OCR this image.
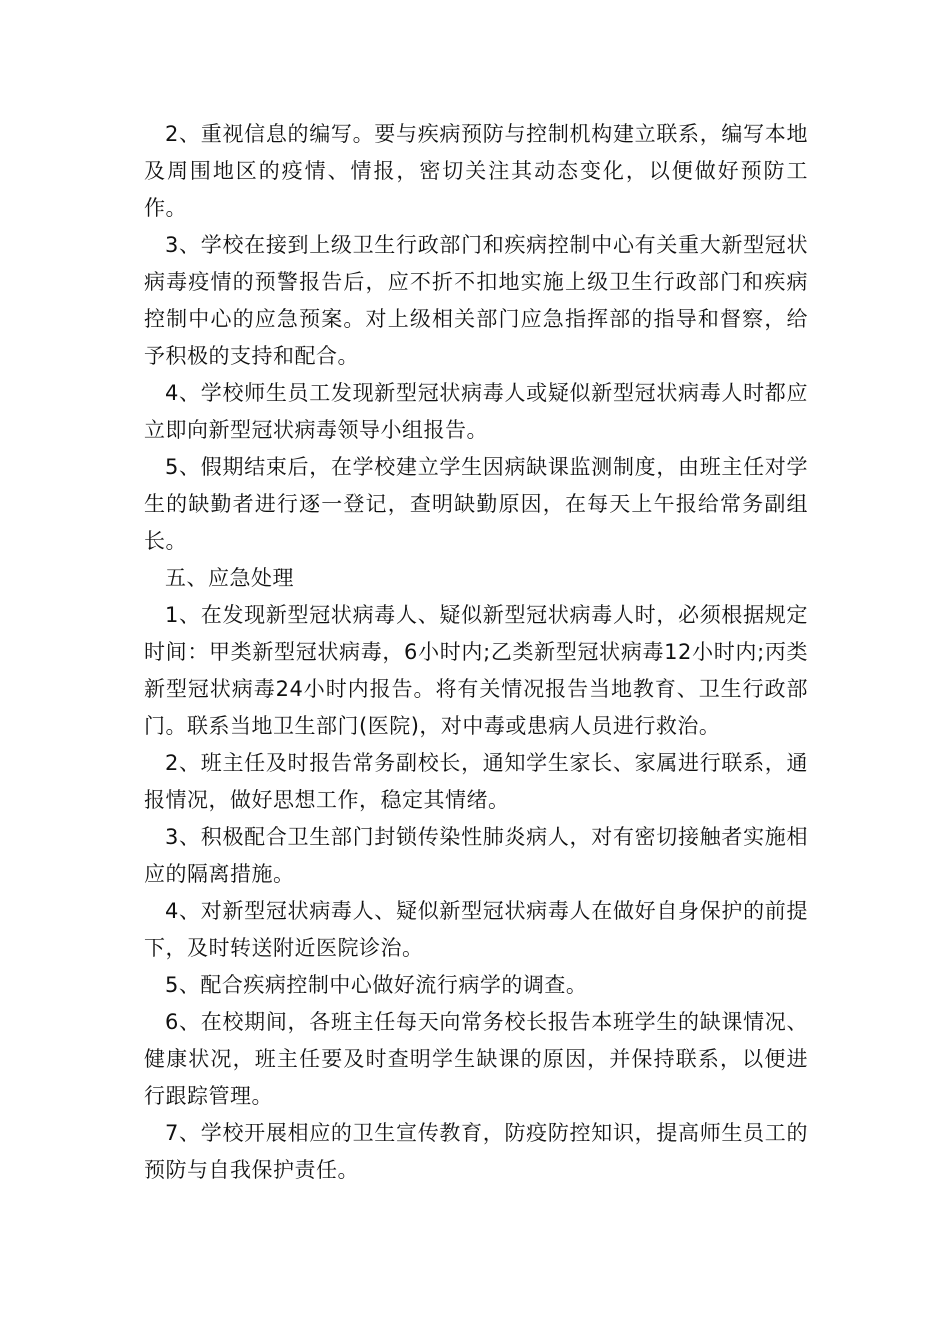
2、重视信息的编写。要与疾病预防与控制机构建立联系，编写本地及周围地区的疫情、情报，密切关注其动态变化，以便做好预防工作。

3、学校在接到上级卫生行政部门和疾病控制中心有关重大新型冠状病毒疫情的预警报告后，应不折不扣地实施上级卫生行政部门和疾病控制中心的应急预案。对上级相关部门应急指挥部的指导和督察，给予积极的支持和配合。

4、学校师生员工发现新型冠状病毒人或疑似新型冠状病毒人时都应立即向新型冠状病毒领导小组报告。

5、假期结束后，在学校建立学生因病缺课监测制度，由班主任对学生的缺勤者进行逐一登记，查明缺勤原因，在每天上午报给常务副组长。

五、应急处理

1、在发现新型冠状病毒人、疑似新型冠状病毒人时，必须根据规定时间：甲类新型冠状病毒，6小时内;乙类新型冠状病毒12小时内;丙类新型冠状病毒24小时内报告。将有关情况报告当地教育、卫生行政部门。联系当地卫生部门(医院)，对中毒或患病人员进行救治。

2、班主任及时报告常务副校长，通知学生家长、家属进行联系，通报情况，做好思想工作，稳定其情绪。

3、积极配合卫生部门封锁传染性肺炎病人，对有密切接触者实施相应的隔离措施。

4、对新型冠状病毒人、疑似新型冠状病毒人在做好自身保护的前提下，及时转送附近医院诊治。

5、配合疾病控制中心做好流行病学的调查。

6、在校期间，各班主任每天向常务校长报告本班学生的缺课情况、健康状况，班主任要及时查明学生缺课的原因，并保持联系，以便进行跟踪管理。

7、学校开展相应的卫生宣传教育，防疫防控知识，提高师生员工的预防与自我保护责任。
